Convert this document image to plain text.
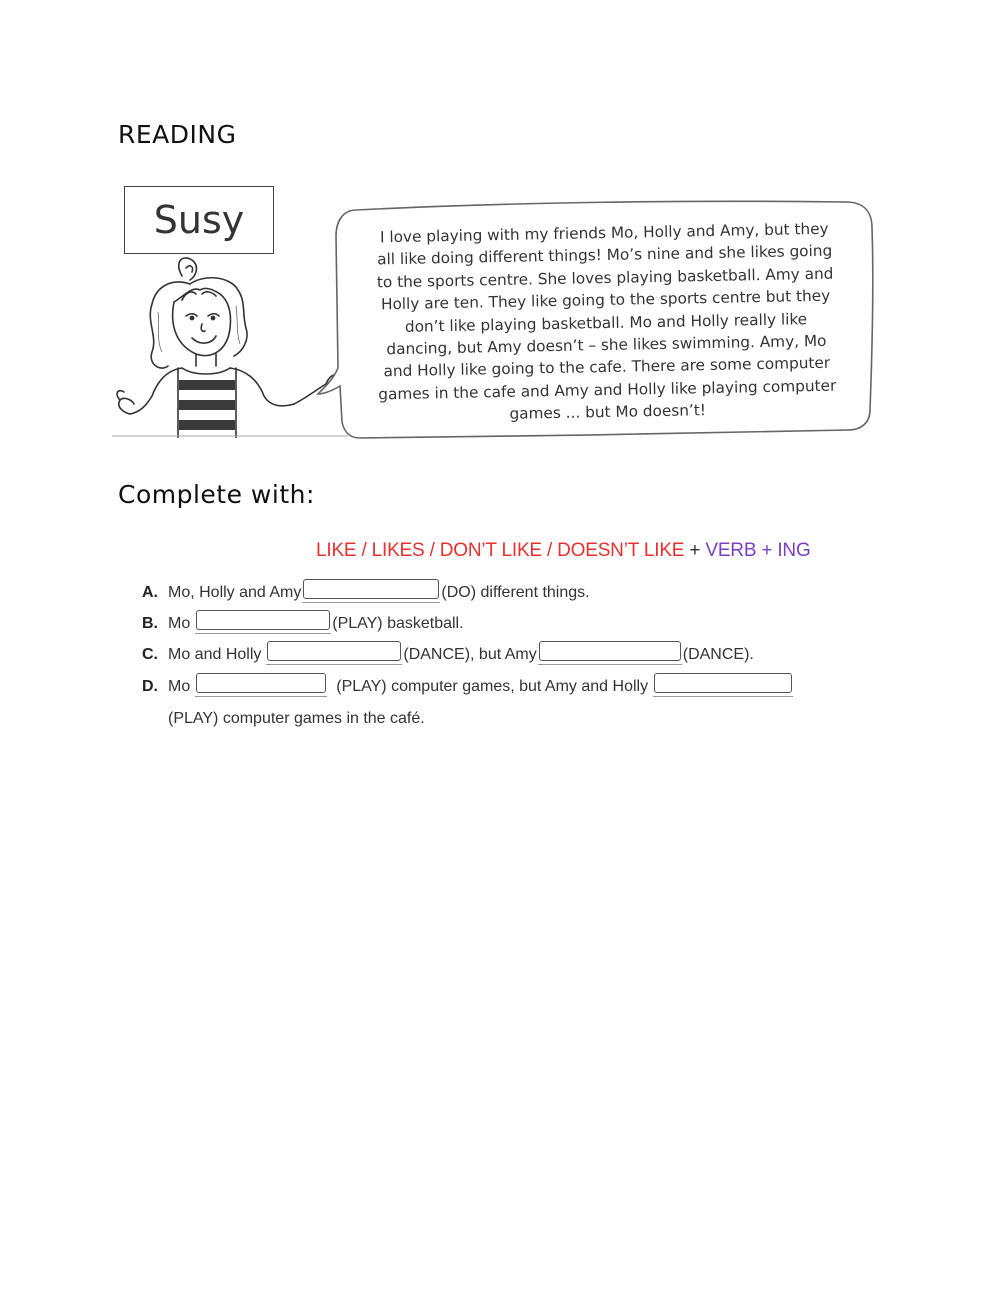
READING
Susy	I love playing with my friends Mo, Holly and Amy, but they
all like doing different things! Mo’s nine and she likes going
to the sports centre. She loves playing basketball. Amy and
Holly are ten. They like going to the sports centre but they
don’t like playing basketball. Mo and Holly really like
dancing, but Amy doesn’t – she likes swimming. Amy, Mo
and Holly like going to the cafe. There are some computer
games in the cafe and Amy and Holly like playing computer
games ... but Mo doesn’t!
Complete with:
LIKE / LIKES / DON’T LIKE / DOESN’T LIKE + VERB + ING
A. Mo, Holly and Amy	(DO) different things.
B. Mo	(PLAY) basketball.
C. Mo and Holly	(DANCE), but Amy	(DANCE).
D. Mo	(PLAY) computer games, but Amy and Holly
(PLAY) computer games in the café.
